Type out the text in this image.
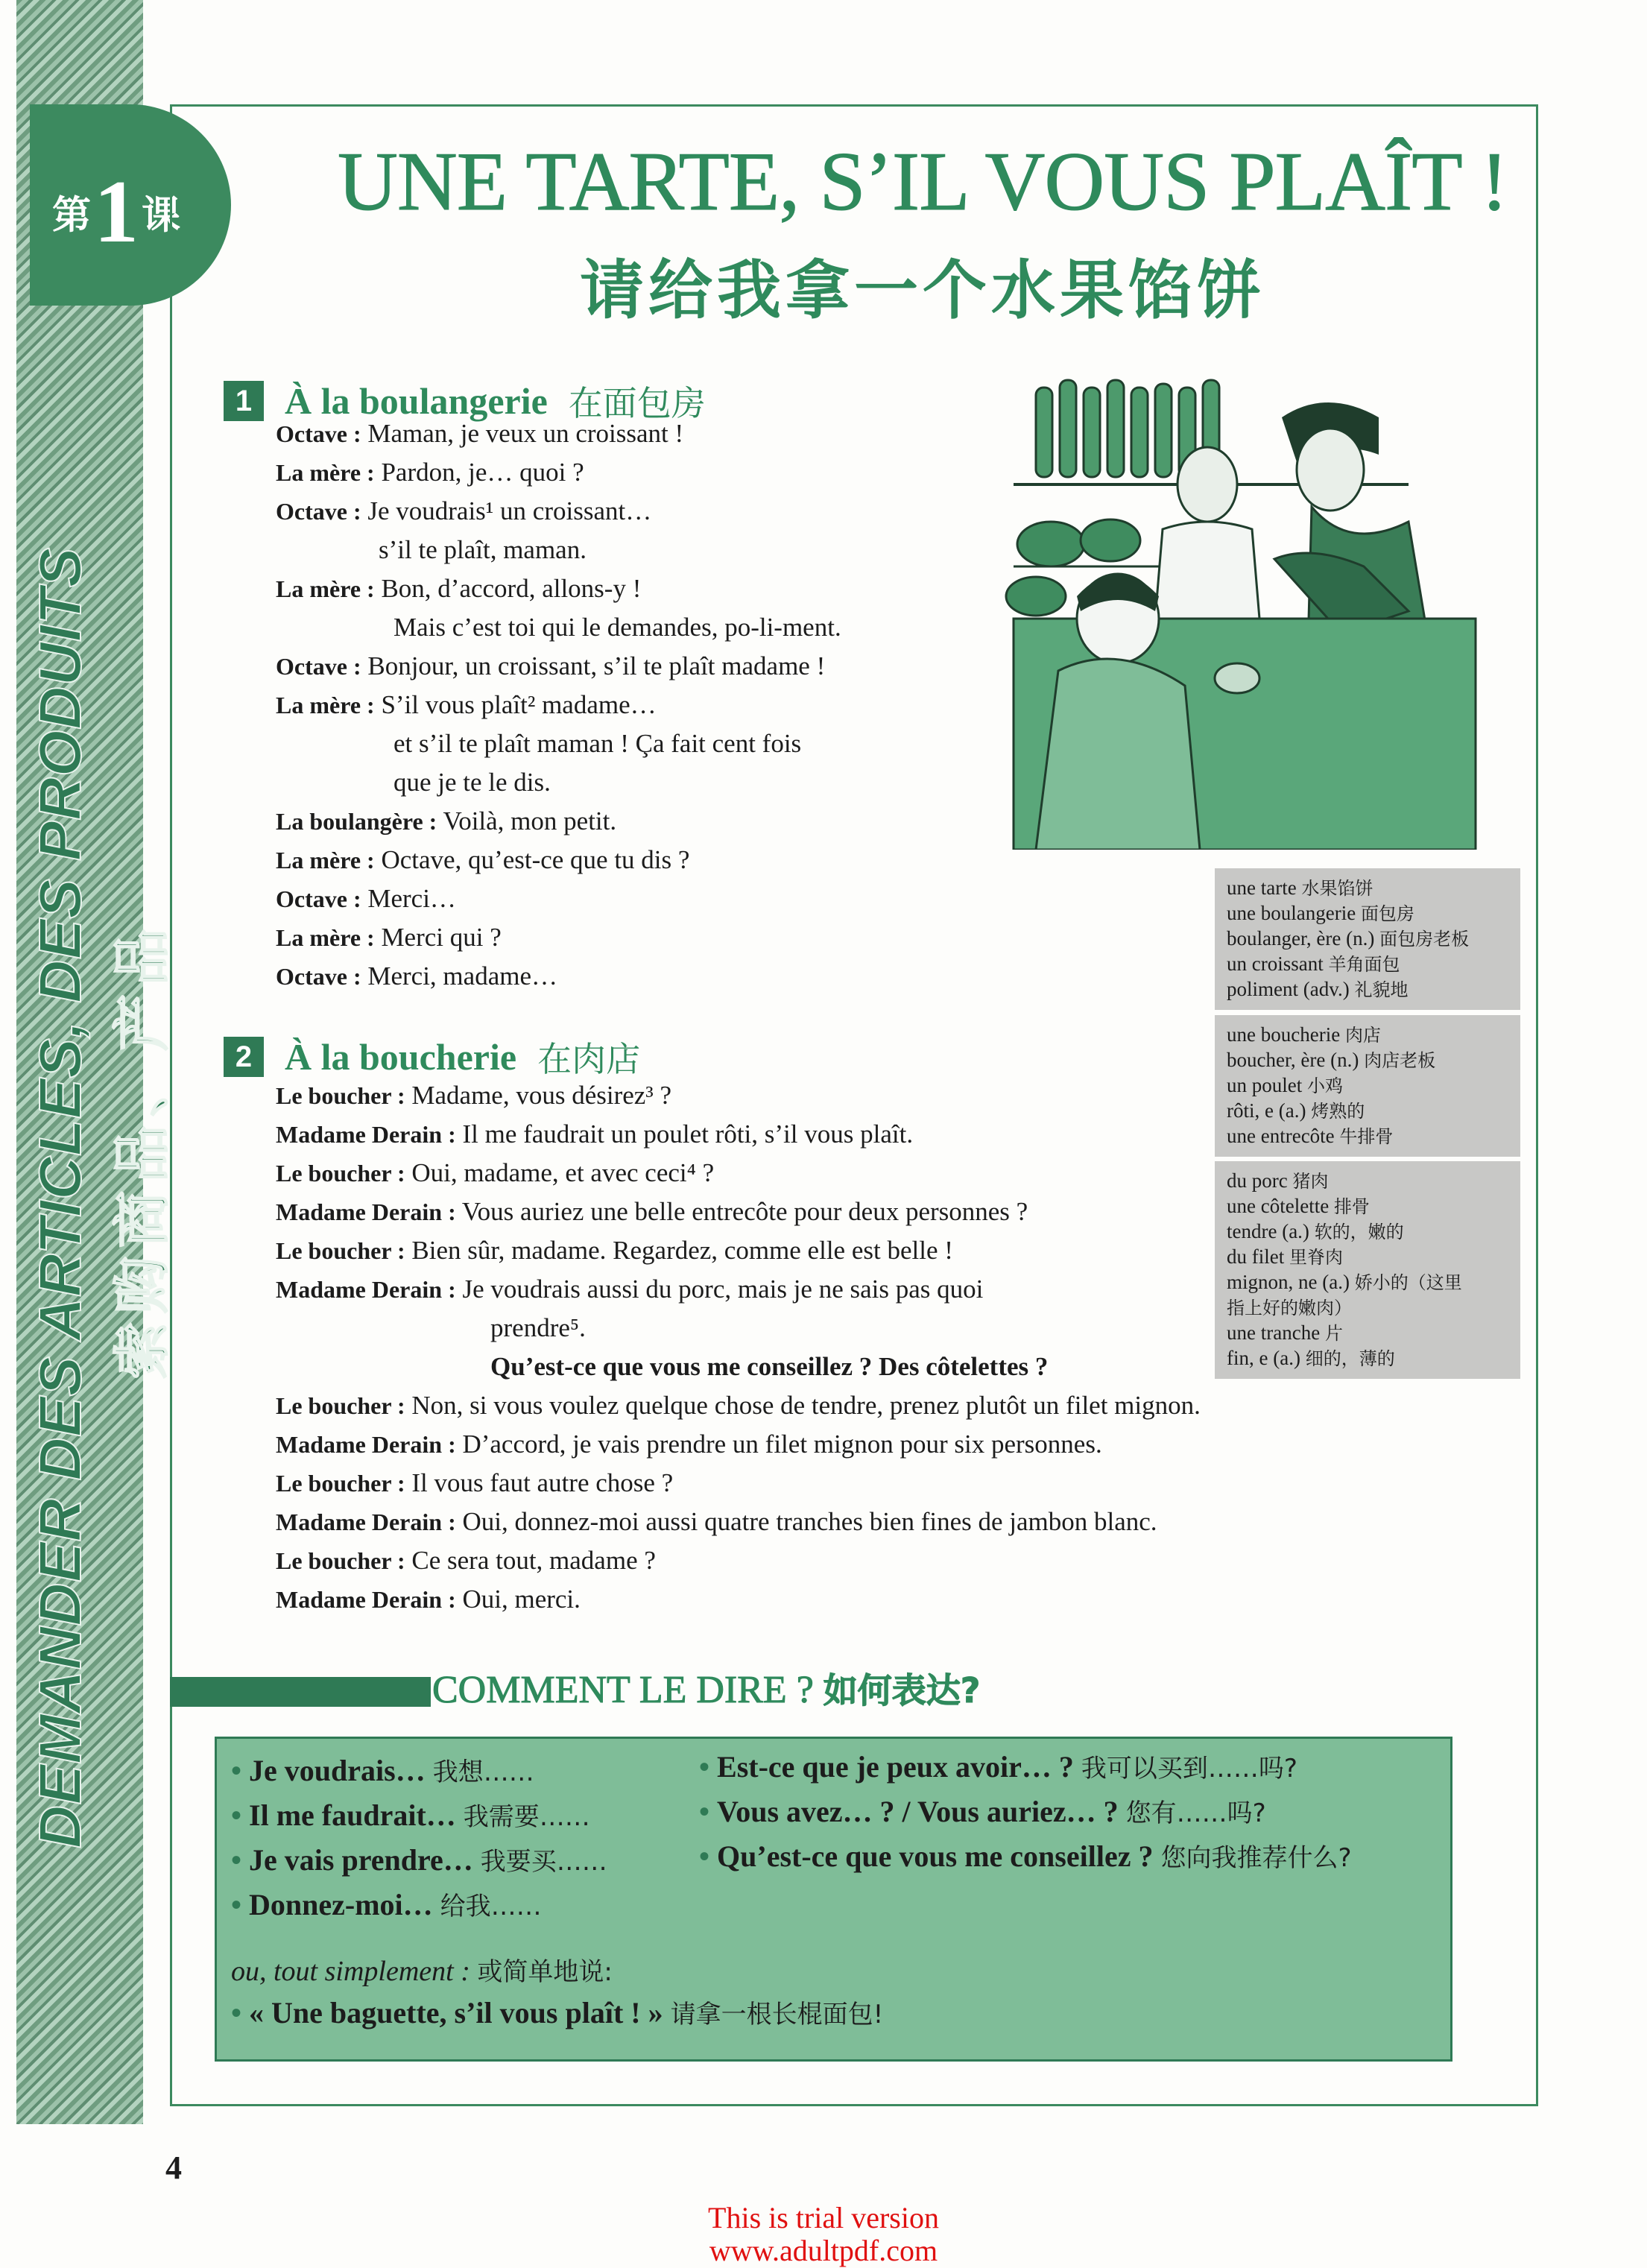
DEMANDER DES ARTICLES, DES PRODUITS 索购商品、产品
第1课	UNE TARTE, S’IL VOUS PLAÎT !
请给我拿一个水果馅饼
1 À la boulangerie 在面包房
Octave : Maman, je veux un croissant !
La mère : Pardon, je… quoi ?
Octave : Je voudrais¹ un croissant…
s’il te plaît, maman.
La mère : Bon, d’accord, allons-y !
Mais c’est toi qui le demandes, po-li-ment.
Octave : Bonjour, un croissant, s’il te plaît madame !
La mère : S’il vous plaît² madame…
et s’il te plaît maman ! Ça fait cent fois
que je te le dis.
La boulangère : Voilà, mon petit.
La mère : Octave, qu’est-ce que tu dis ?
Octave : Merci…
La mère : Merci qui ?
Octave : Merci, madame…
une tarte 水果馅饼
une boulangerie 面包房
boulanger, ère (n.) 面包房老板
un croissant 羊角面包
poliment (adv.) 礼貌地
une boucherie 肉店
boucher, ère (n.) 肉店老板
un poulet 小鸡
rôti, e (a.) 烤熟的
une entrecôte 牛排骨
du porc 猪肉
une côtelette 排骨
tendre (a.) 软的，嫩的
du filet 里脊肉
mignon, ne (a.) 娇小的（这里
指上好的嫩肉）
une tranche 片
fin, e (a.) 细的，薄的
2 À la boucherie 在肉店
Le boucher : Madame, vous désirez³ ?
Madame Derain : Il me faudrait un poulet rôti, s’il vous plaît.
Le boucher : Oui, madame, et avec ceci⁴ ?
Madame Derain : Vous auriez une belle entrecôte pour deux personnes ?
Le boucher : Bien sûr, madame. Regardez, comme elle est belle !
Madame Derain : Je voudrais aussi du porc, mais je ne sais pas quoi
prendre⁵.
Qu’est-ce que vous me conseillez ? Des côtelettes ?
Le boucher : Non, si vous voulez quelque chose de tendre, prenez plutôt un filet mignon.
Madame Derain : D’accord, je vais prendre un filet mignon pour six personnes.
Le boucher : Il vous faut autre chose ?
Madame Derain : Oui, donnez-moi aussi quatre tranches bien fines de jambon blanc.
Le boucher : Ce sera tout, madame ?
Madame Derain : Oui, merci.
COMMENT LE DIRE ? 如何表达?
• Je voudrais… 我想……
• Il me faudrait… 我需要……
• Je vais prendre… 我要买……
• Donnez-moi… 给我……
• Est-ce que je peux avoir… ? 我可以买到……吗?
• Vous avez… ? / Vous auriez… ? 您有……吗?
• Qu’est-ce que vous me conseillez ? 您向我推荐什么?
ou, tout simplement : 或简单地说:
• « Une baguette, s’il vous plaît ! » 请拿一根长棍面包!
4
This is trial version
www.adultpdf.com
